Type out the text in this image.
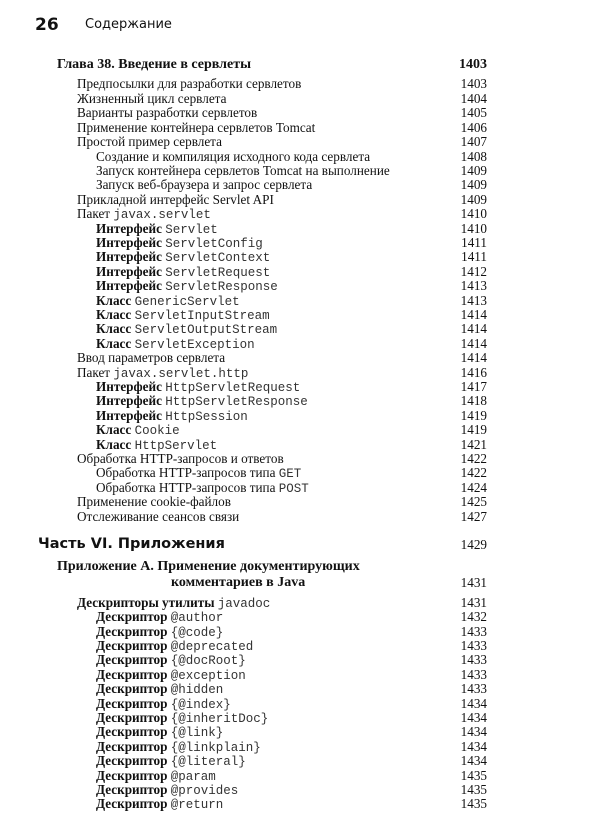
26 Содержание
Глава 38. Введение в сервлеты	1403
Предпосылки для разработки сервлетов	1403
Жизненный цикл сервлета	1404
Варианты разработки сервлетов	1405
Применение контейнера сервлетов Tomcat	1406
Простой пример сервлета	1407
Создание и компиляция исходного кода сервлета	1408
Запуск контейнера сервлетов Tomcat на выполнение	1409
Запуск веб-браузера и запрос сервлета	1409
Прикладной интерфейс Servlet API	1409
Пакет javax.servlet	1410
Интерфейс Servlet	1410
Интерфейс ServletConfig	1411
Интерфейс ServletContext	1411
Интерфейс ServletRequest	1412
Интерфейс ServletResponse	1413
Класс GenericServlet	1413
Класс ServletInputStream	1414
Класс ServletOutputStream	1414
Класс ServletException	1414
Ввод параметров сервлета	1414
Пакет javax.servlet.http	1416
Интерфейс HttpServletRequest	1417
Интерфейс HttpServletResponse	1418
Интерфейс HttpSession	1419
Класс Cookie	1419
Класс HttpServlet	1421
Обработка HTTP-запросов и ответов	1422
Обработка HTTP-запросов типа GET	1422
Обработка HTTP-запросов типа POST	1424
Применение cookie-файлов	1425
Отслеживание сеансов связи	1427
Часть VI. Приложения	1429
Приложение А. Применение документирующих
комментариев в Java	1431
Дескрипторы утилиты javadoc	1431
Дескриптор @author	1432
Дескриптор {@code}	1433
Дескриптор @deprecated	1433
Дескриптор {@docRoot}	1433
Дескриптор @exception	1433
Дескриптор @hidden	1433
Дескриптор {@index}	1434
Дескриптор {@inheritDoc}	1434
Дескриптор {@link}	1434
Дескриптор {@linkplain}	1434
Дескриптор {@literal}	1434
Дескриптор @param	1435
Дескриптор @provides	1435
Дескриптор @return	1435
